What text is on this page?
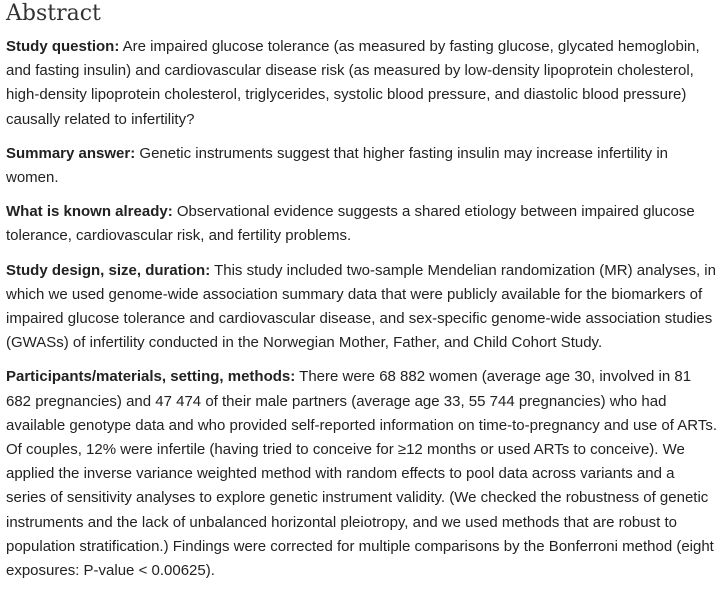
Abstract

Study question: Are impaired glucose tolerance (as measured by fasting glucose, glycated hemoglobin, and fasting insulin) and cardiovascular disease risk (as measured by low-density lipoprotein cholesterol, high-density lipoprotein cholesterol, triglycerides, systolic blood pressure, and diastolic blood pressure) causally related to infertility?

Summary answer: Genetic instruments suggest that higher fasting insulin may increase infertility in women.

What is known already: Observational evidence suggests a shared etiology between impaired glucose tolerance, cardiovascular risk, and fertility problems.

Study design, size, duration: This study included two-sample Mendelian randomization (MR) analyses, in which we used genome-wide association summary data that were publicly available for the biomarkers of impaired glucose tolerance and cardiovascular disease, and sex-specific genome-wide association studies (GWASs) of infertility conducted in the Norwegian Mother, Father, and Child Cohort Study.

Participants/materials, setting, methods: There were 68 882 women (average age 30, involved in 81 682 pregnancies) and 47 474 of their male partners (average age 33, 55 744 pregnancies) who had available genotype data and who provided self-reported information on time-to-pregnancy and use of ARTs. Of couples, 12% were infertile (having tried to conceive for ≥12 months or used ARTs to conceive). We applied the inverse variance weighted method with random effects to pool data across variants and a series of sensitivity analyses to explore genetic instrument validity. (We checked the robustness of genetic instruments and the lack of unbalanced horizontal pleiotropy, and we used methods that are robust to population stratification.) Findings were corrected for multiple comparisons by the Bonferroni method (eight exposures: P-value < 0.00625).
